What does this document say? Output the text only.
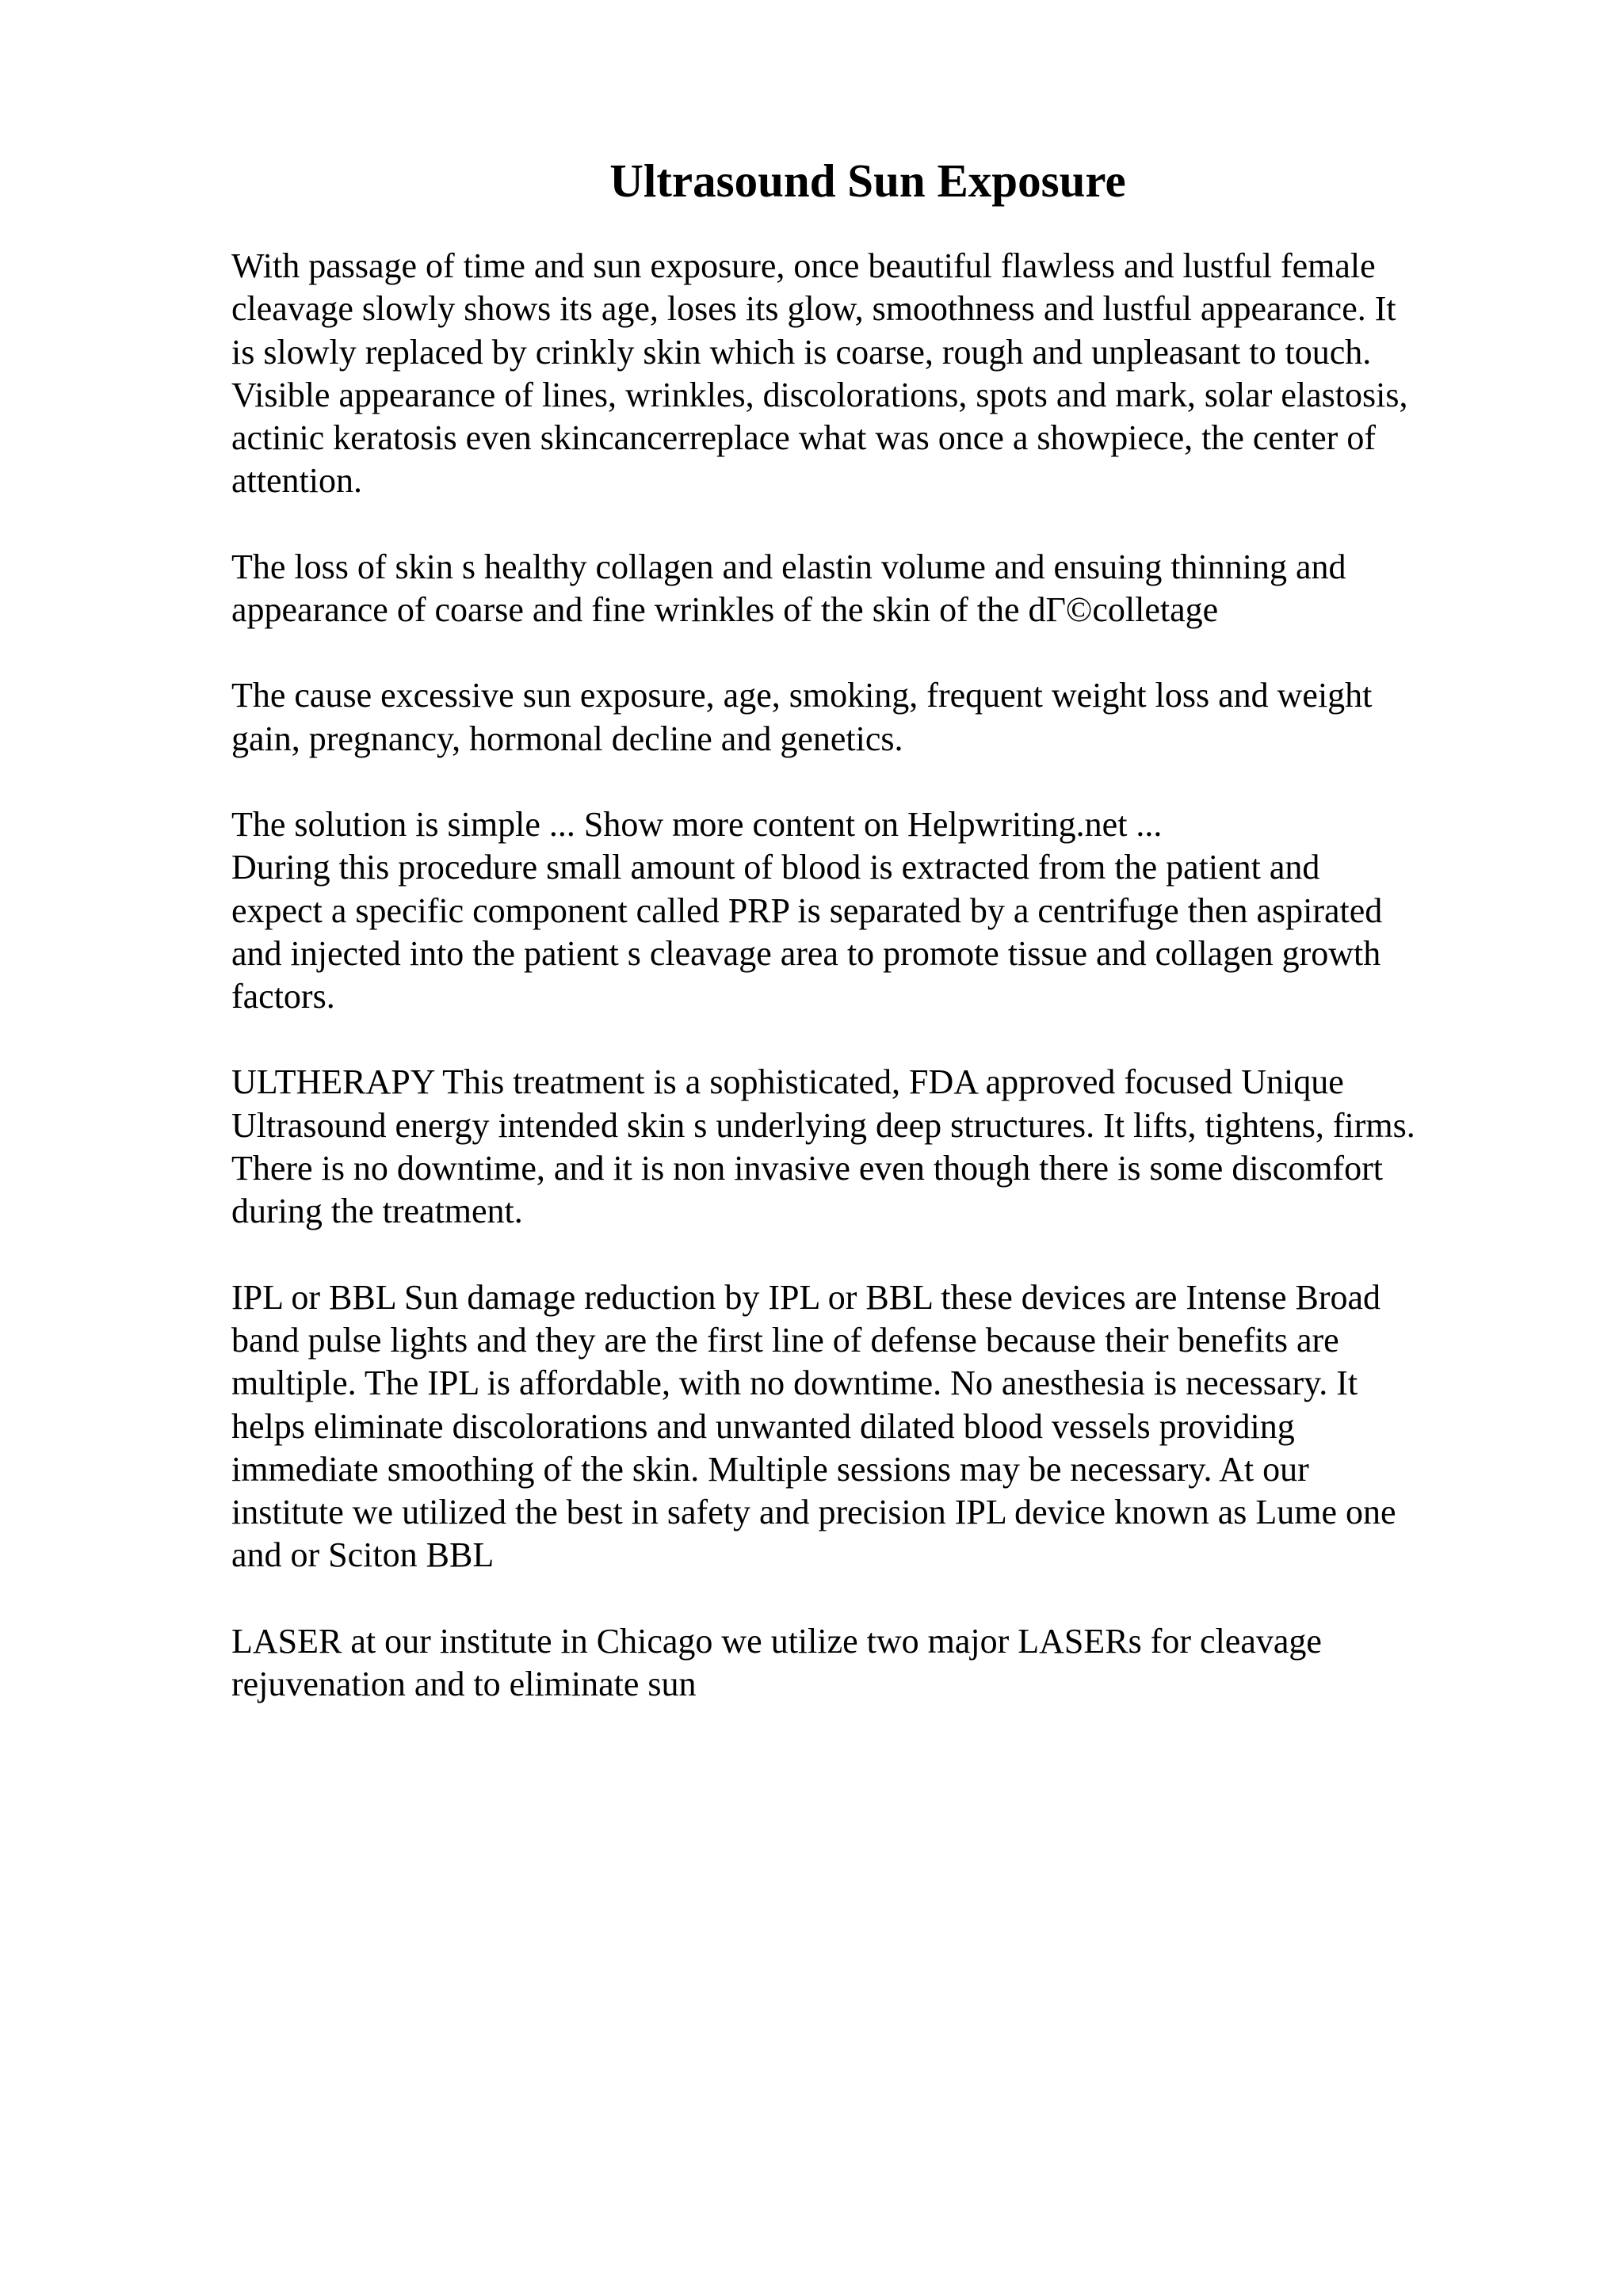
Ultrasound Sun Exposure

With passage of time and sun exposure, once beautiful flawless and lustful female
cleavage slowly shows its age, loses its glow, smoothness and lustful appearance. It
is slowly replaced by crinkly skin which is coarse, rough and unpleasant to touch.
Visible appearance of lines, wrinkles, discolorations, spots and mark, solar elastosis,
actinic keratosis even skincancerreplace what was once a showpiece, the center of
attention.

The loss of skin s healthy collagen and elastin volume and ensuing thinning and
appearance of coarse and fine wrinkles of the skin of the dΓ©colletage

The cause excessive sun exposure, age, smoking, frequent weight loss and weight
gain, pregnancy, hormonal decline and genetics.

The solution is simple ... Show more content on Helpwriting.net ...

During this procedure small amount of blood is extracted from the patient and
expect a specific component called PRP is separated by a centrifuge then aspirated
and injected into the patient s cleavage area to promote tissue and collagen growth
factors.

ULTHERAPY This treatment is a sophisticated, FDA approved focused Unique
Ultrasound energy intended skin s underlying deep structures. It lifts, tightens, firms.
There is no downtime, and it is non invasive even though there is some discomfort
during the treatment.

IPL or BBL Sun damage reduction by IPL or BBL these devices are Intense Broad
band pulse lights and they are the first line of defense because their benefits are
multiple. The IPL is affordable, with no downtime. No anesthesia is necessary. It
helps eliminate discolorations and unwanted dilated blood vessels providing
immediate smoothing of the skin. Multiple sessions may be necessary. At our
institute we utilized the best in safety and precision IPL device known as Lume one
and or Sciton BBL

LASER at our institute in Chicago we utilize two major LASERs for cleavage
rejuvenation and to eliminate sun
